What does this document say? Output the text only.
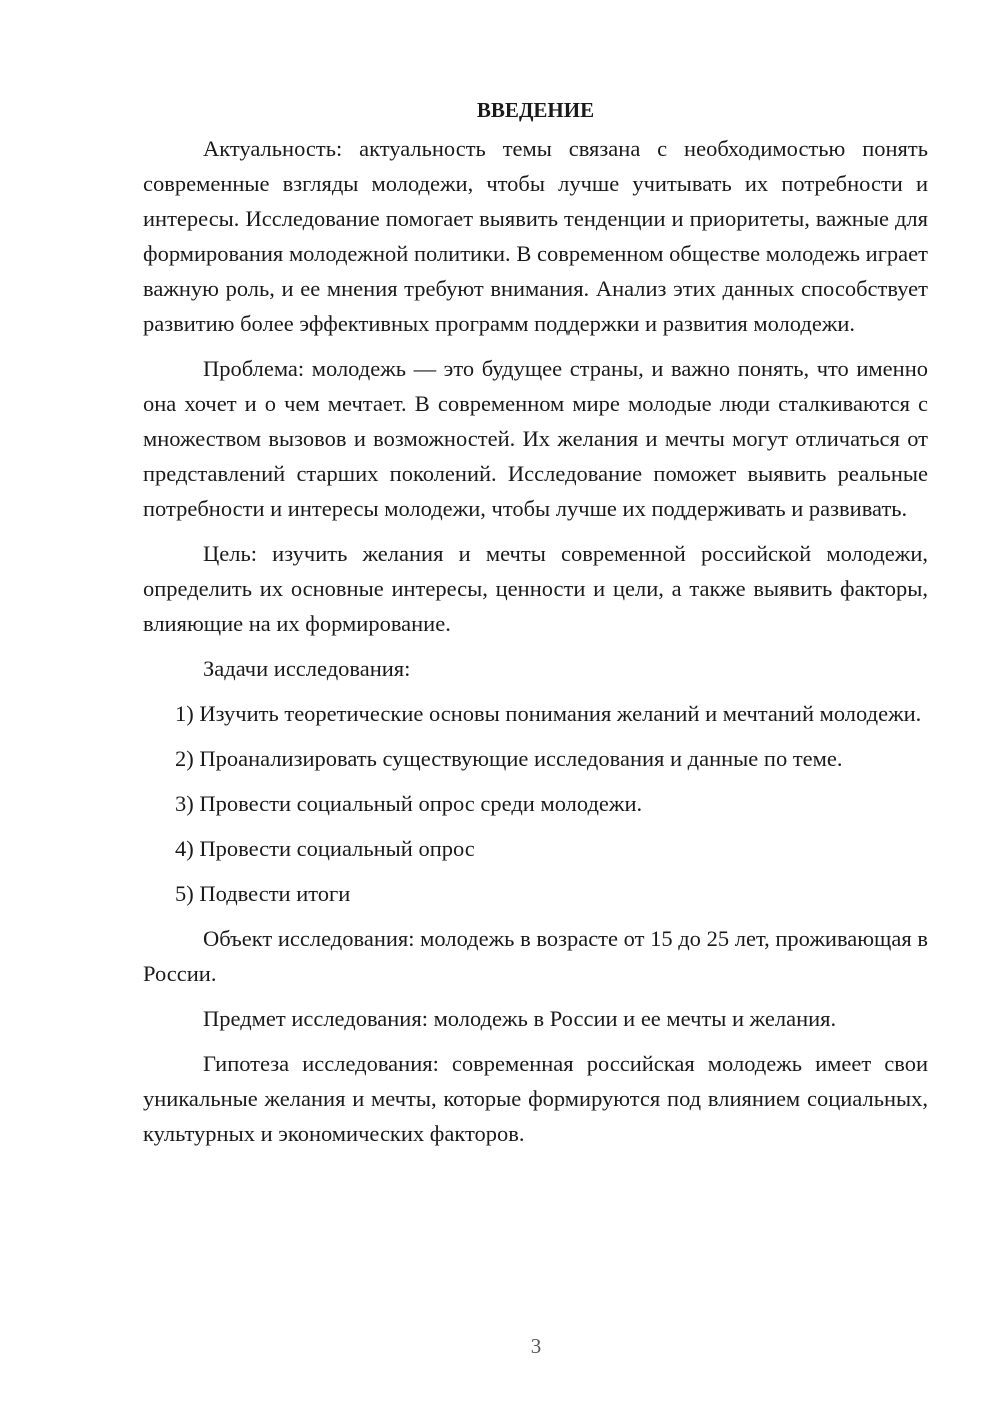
ВВЕДЕНИЕ

Актуальность: актуальность темы связана с необходимостью понять современные взгляды молодежи, чтобы лучше учитывать их потребности и интересы. Исследование помогает выявить тенденции и приоритеты, важные для формирования молодежной политики. В современном обществе молодежь играет важную роль, и ее мнения требуют внимания. Анализ этих данных способствует развитию более эффективных программ поддержки и развития молодежи.

Проблема: молодежь — это будущее страны, и важно понять, что именно она хочет и о чем мечтает. В современном мире молодые люди сталкиваются с множеством вызовов и возможностей. Их желания и мечты могут отличаться от представлений старших поколений. Исследование поможет выявить реальные потребности и интересы молодежи, чтобы лучше их поддерживать и развивать.

Цель: изучить желания и мечты современной российской молодежи, определить их основные интересы, ценности и цели, а также выявить факторы, влияющие на их формирование.

Задачи исследования:

1) Изучить теоретические основы понимания желаний и мечтаний молодежи.

2) Проанализировать существующие исследования и данные по теме.

3) Провести социальный опрос среди молодежи.

4) Провести социальный опрос

5) Подвести итоги

Объект исследования: молодежь в возрасте от 15 до 25 лет, проживающая в России.

Предмет исследования: молодежь в России и ее мечты и желания.

Гипотеза исследования: современная российская молодежь имеет свои уникальные желания и мечты, которые формируются под влиянием социальных, культурных и экономических факторов.

3
